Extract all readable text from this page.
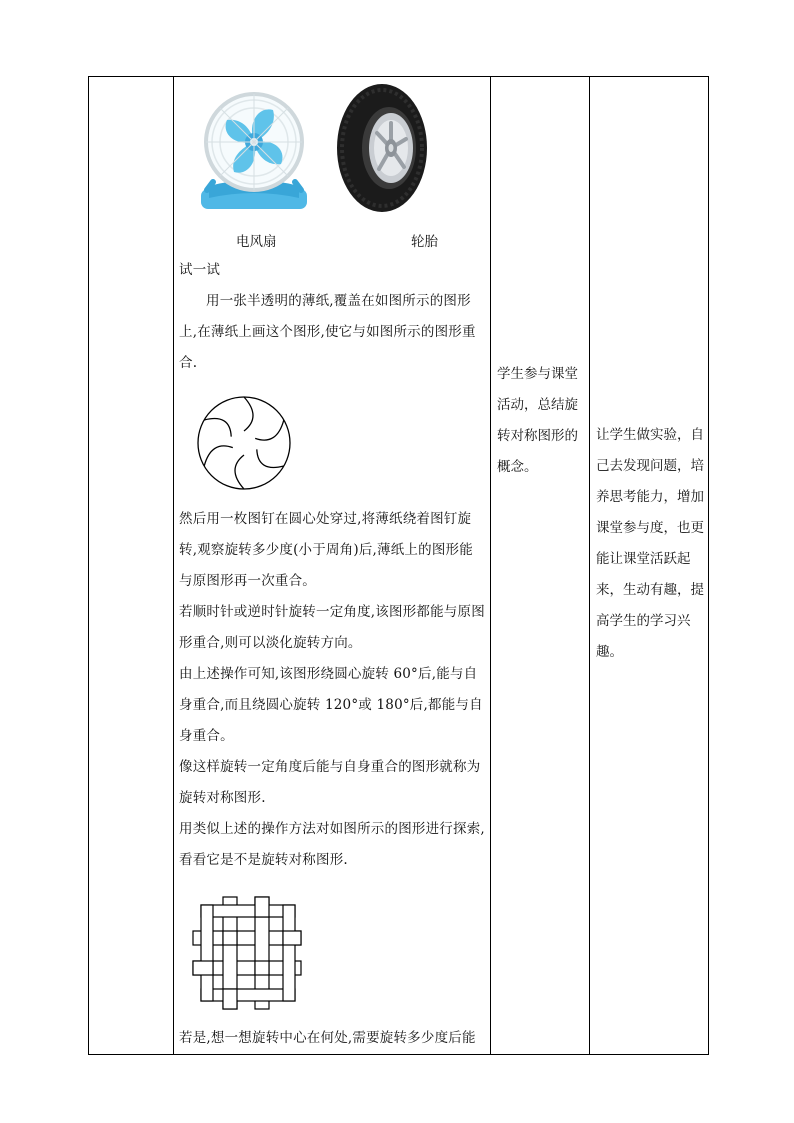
电风扇	轮胎
试一试
用一张半透明的薄纸,覆盖在如图所示的图形上,在薄纸上画这个图形,使它与如图所示的图形重合.
然后用一枚图钉在圆心处穿过,将薄纸绕着图钉旋转,观察旋转多少度(小于周角)后,薄纸上的图形能与原图形再一次重合。
若顺时针或逆时针旋转一定角度,该图形都能与原图形重合,则可以淡化旋转方向。
由上述操作可知,该图形绕圆心旋转 60°后,能与自身重合,而且绕圆心旋转 120°或 180°后,都能与自身重合。
像这样旋转一定角度后能与自身重合的图形就称为旋转对称图形.
用类似上述的操作方法对如图所示的图形进行探索,看看它是不是旋转对称图形.
若是,想一想旋转中心在何处,需要旋转多少度后能

学生参与课堂活动，总结旋转对称图形的概念。

让学生做实验，自己去发现问题，培养思考能力，增加课堂参与度，也更能让课堂活跃起来，生动有趣，提高学生的学习兴趣。
